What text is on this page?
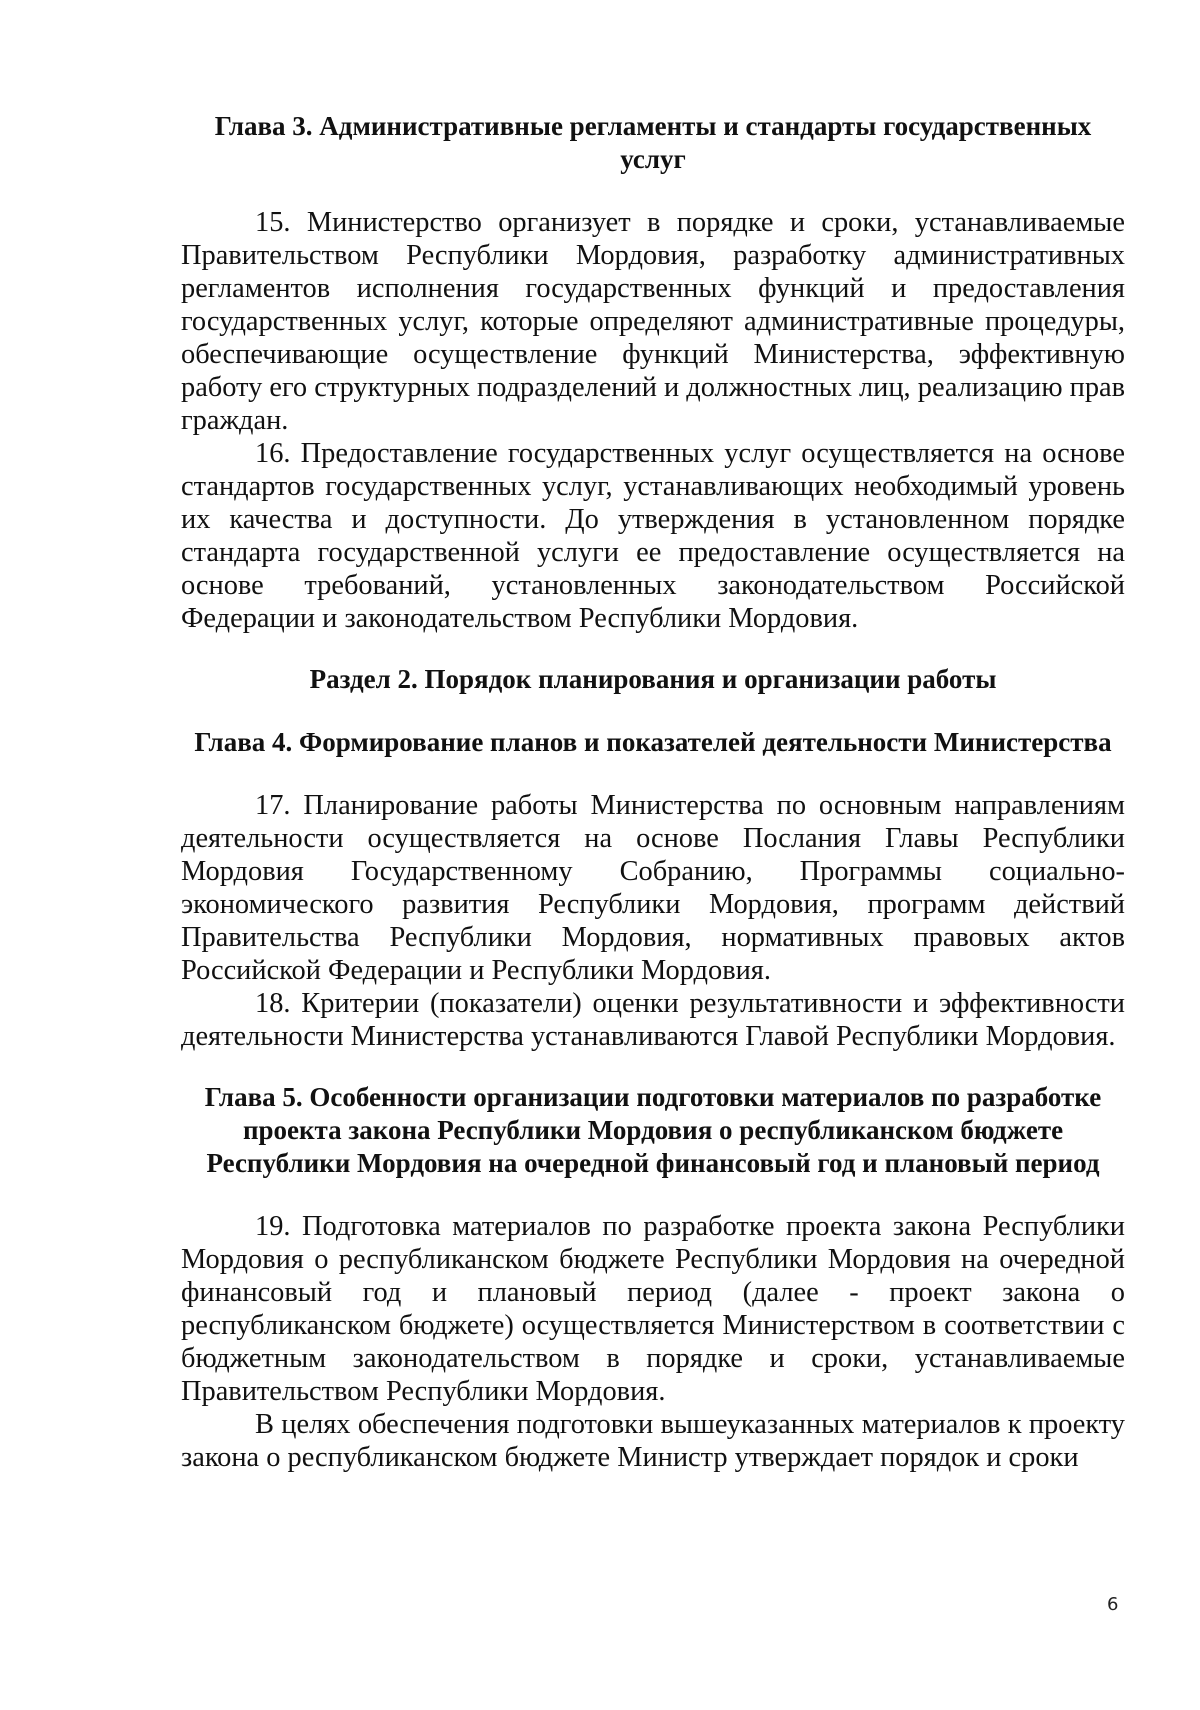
Глава 3. Административные регламенты и стандарты государственных услуг

15. Министерство организует в порядке и сроки, устанавливаемые Правительством Республики Мордовия, разработку административных регламентов исполнения государственных функций и предоставления государственных услуг, которые определяют административные процедуры, обеспечивающие осуществление функций Министерства, эффективную работу его структурных подразделений и должностных лиц, реализацию прав граждан.

16. Предоставление государственных услуг осуществляется на основе стандартов государственных услуг, устанавливающих необходимый уровень их качества и доступности. До утверждения в установленном порядке стандарта государственной услуги ее предоставление осуществляется на основе требований, установленных законодательством Российской Федерации и законодательством Республики Мордовия.

Раздел 2. Порядок планирования и организации работы
Глава 4. Формирование планов и показателей деятельности Министерства

17. Планирование работы Министерства по основным направлениям деятельности осуществляется на основе Послания Главы Республики Мордовия Государственному Собранию, Программы социально-экономического развития Республики Мордовия, программ действий Правительства Республики Мордовия, нормативных правовых актов Российской Федерации и Республики Мордовия.

18. Критерии (показатели) оценки результативности и эффективности деятельности Министерства устанавливаются Главой Республики Мордовия.

Глава 5. Особенности организации подготовки материалов по разработке проекта закона Республики Мордовия о республиканском бюджете Республики Мордовия на очередной финансовый год и плановый период

19. Подготовка материалов по разработке проекта закона Республики Мордовия о республиканском бюджете Республики Мордовия на очередной финансовый год и плановый период (далее - проект закона о республиканском бюджете) осуществляется Министерством в соответствии с бюджетным законодательством в порядке и сроки, устанавливаемые Правительством Республики Мордовия.

В целях обеспечения подготовки вышеуказанных материалов к проекту закона о республиканском бюджете Министр утверждает порядок и сроки

6
